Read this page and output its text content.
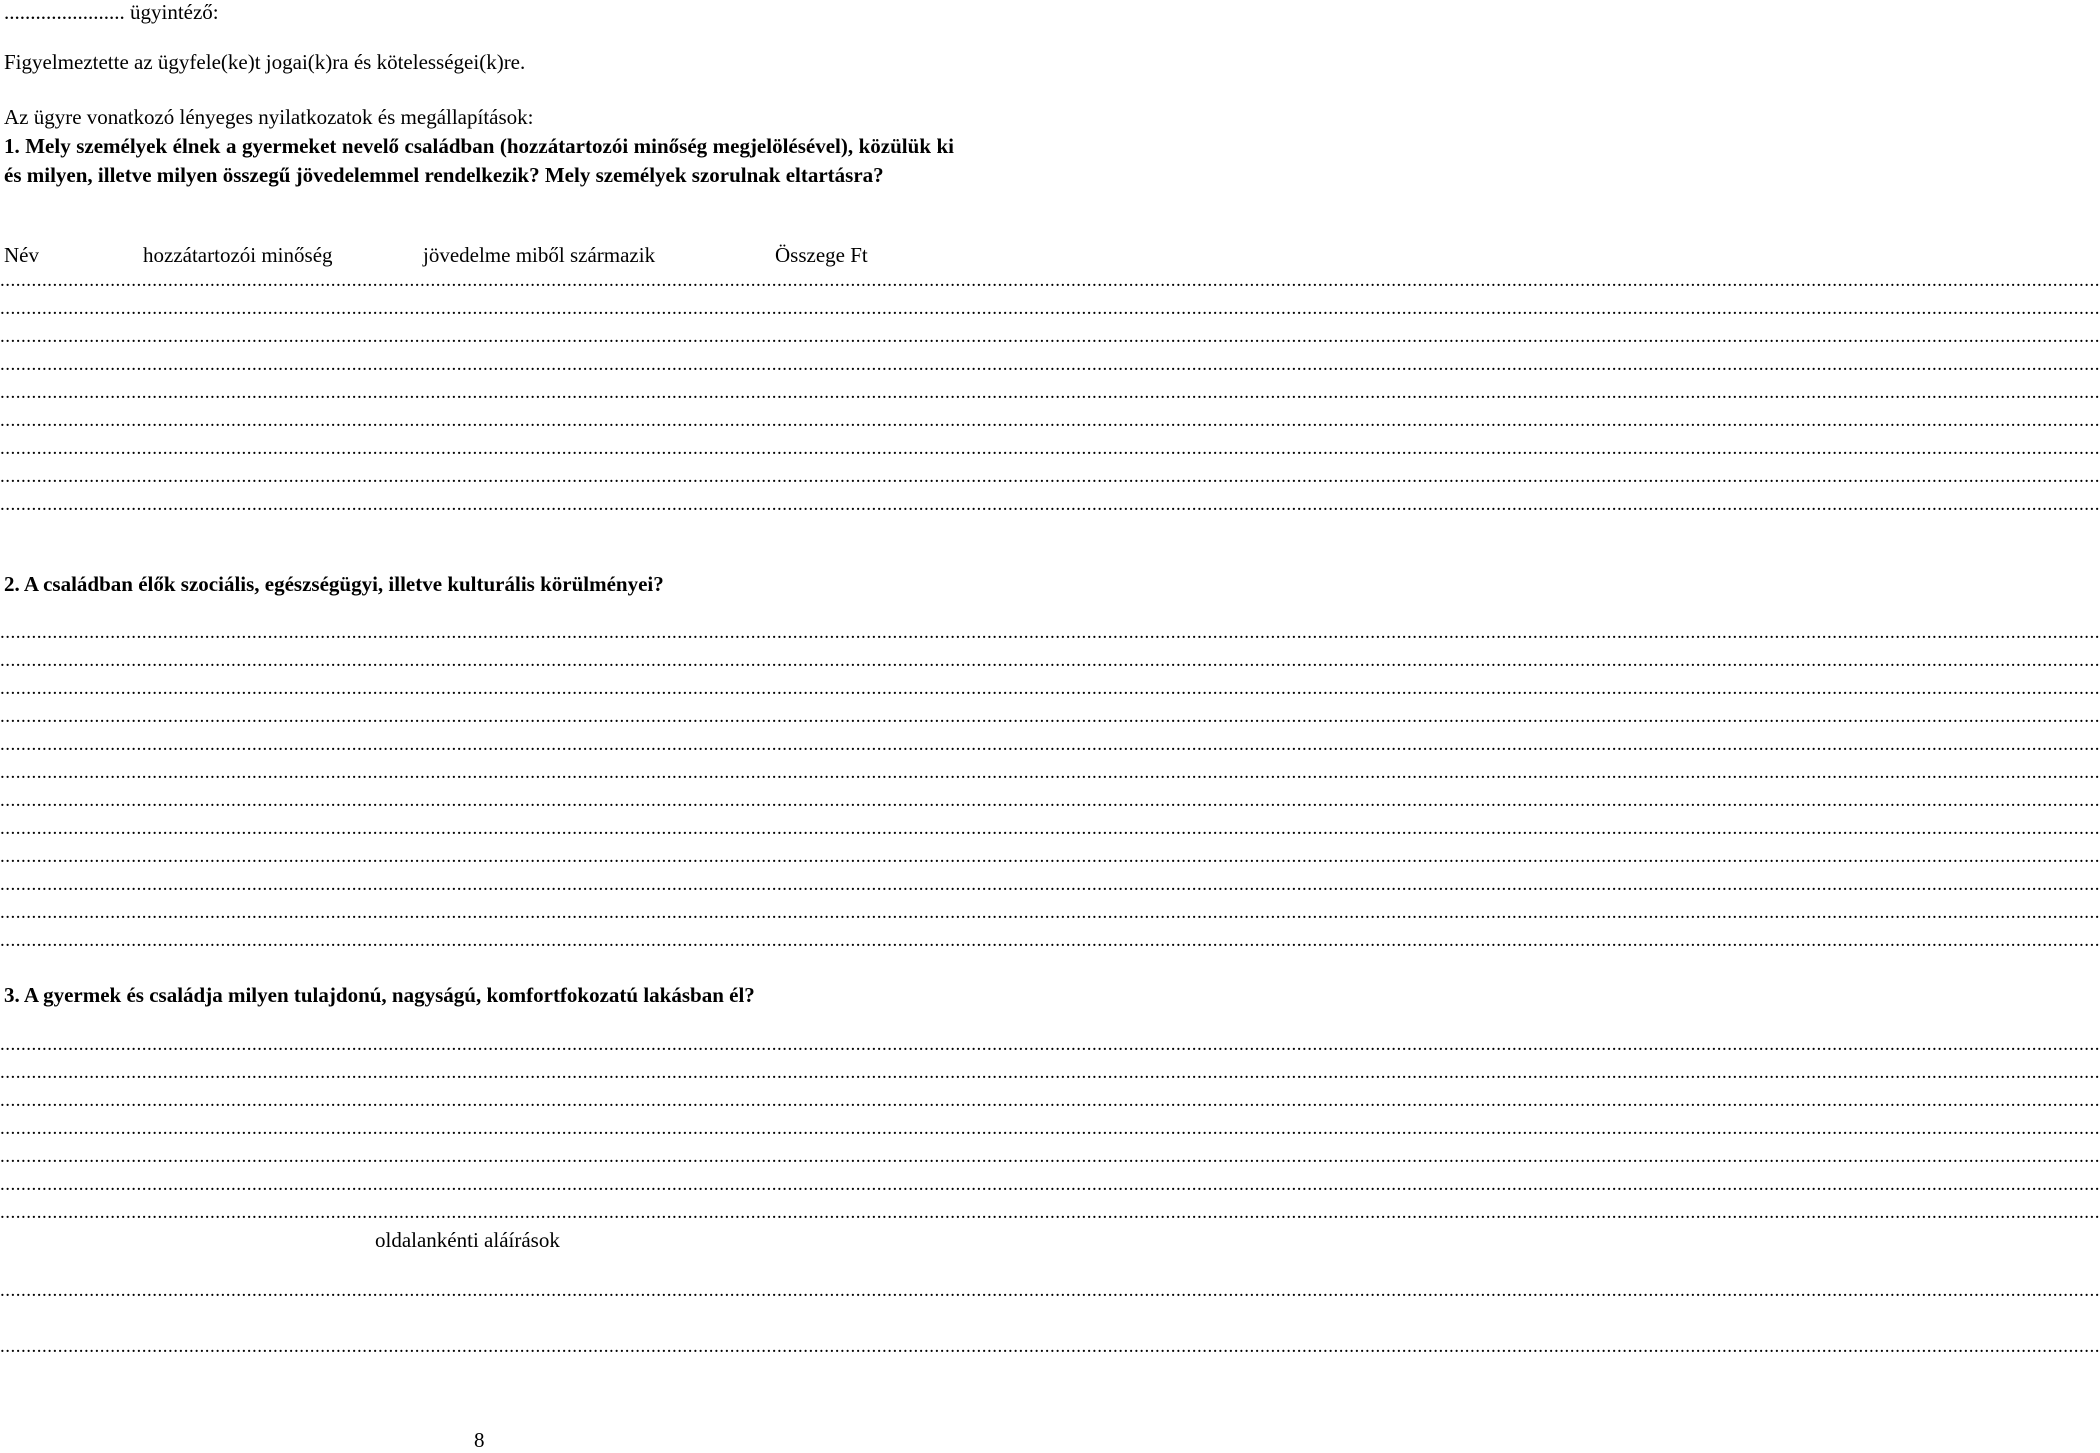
....................... ügyintéző:
Figyelmeztette az ügyfele(ke)t jogai(k)ra és kötelességei(k)re.
Az ügyre vonatkozó lényeges nyilatkozatok és megállapítások:
1. Mely személyek élnek a gyermeket nevelő családban (hozzátartozói minőség megjelölésével), közülük ki és milyen, illetve milyen összegű jövedelemmel rendelkezik? Mely személyek szorulnak eltartásra?
Név	hozzátartozói minőség	jövedelme miből származik	Összege Ft
................................................................................................................................................................................................................................................................................................................................................................................................................
................................................................................................................................................................................................................................................................................................................................................................................................................
................................................................................................................................................................................................................................................................................................................................................................................................................
................................................................................................................................................................................................................................................................................................................................................................................................................
................................................................................................................................................................................................................................................................................................................................................................................................................
................................................................................................................................................................................................................................................................................................................................................................................................................
................................................................................................................................................................................................................................................................................................................................................................................................................
................................................................................................................................................................................................................................................................................................................................................................................................................
................................................................................................................................................................................................................................................................................................................................................................................................................
2. A családban élők szociális, egészségügyi, illetve kulturális körülményei?
................................................................................................................................................................................................................................................................................................................................................................................................................
................................................................................................................................................................................................................................................................................................................................................................................................................
................................................................................................................................................................................................................................................................................................................................................................................................................
................................................................................................................................................................................................................................................................................................................................................................................................................
................................................................................................................................................................................................................................................................................................................................................................................................................
................................................................................................................................................................................................................................................................................................................................................................................................................
................................................................................................................................................................................................................................................................................................................................................................................................................
................................................................................................................................................................................................................................................................................................................................................................................................................
................................................................................................................................................................................................................................................................................................................................................................................................................
................................................................................................................................................................................................................................................................................................................................................................................................................
................................................................................................................................................................................................................................................................................................................................................................................................................
................................................................................................................................................................................................................................................................................................................................................................................................................
3. A gyermek és családja milyen tulajdonú, nagyságú, komfortfokozatú lakásban él?
................................................................................................................................................................................................................................................................................................................................................................................................................
................................................................................................................................................................................................................................................................................................................................................................................................................
................................................................................................................................................................................................................................................................................................................................................................................................................
................................................................................................................................................................................................................................................................................................................................................................................................................
................................................................................................................................................................................................................................................................................................................................................................................................................
................................................................................................................................................................................................................................................................................................................................................................................................................
................................................................................................................................................................................................................................................................................................................................................................................................................
oldalankénti aláírások
................................................................................................................................................................................................................................................................................................................................................................................................................
................................................................................................................................................................................................................................................................................................................................................................................................................
8
